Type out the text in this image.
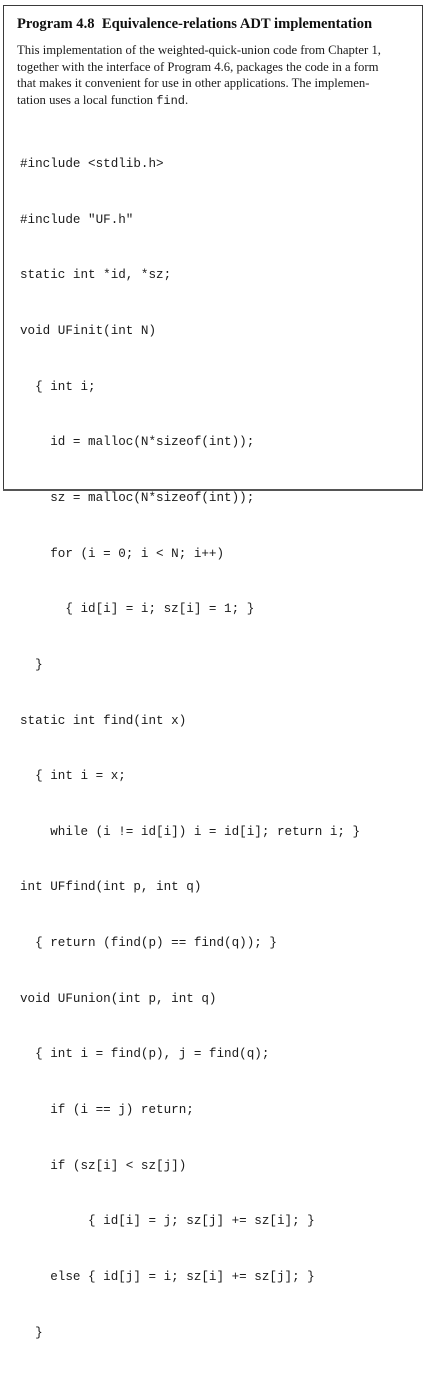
Program 4.8 Equivalence-relations ADT implementation
This implementation of the weighted-quick-union code from Chapter 1,
together with the interface of Program 4.6, packages the code in a form
that makes it convenient for use in other applications. The implemen-
tation uses a local function find.

#include <stdlib.h>

#include "UF.h"

static int *id, *sz;

void UFinit(int N)

{ int i;

id = malloc(N*sizeof(int));

sz = malloc(N*sizeof(int));

for (i = 0; i < N; i++)

{ id[i] = i; sz[i] = 1; }

}

static int find(int x)

{ int i = x;

while (i != id[i]) i = id[i]; return i; }

int UFfind(int p, int q)

{ return (find(p) == find(q)); }

void UFunion(int p, int q)

{ int i = find(p), j = find(q);

if (i == j) return;

if (sz[i] < sz[j])

{ id[i] = j; sz[j] += sz[i]; }

else { id[j] = i; sz[i] += sz[j]; }

}
